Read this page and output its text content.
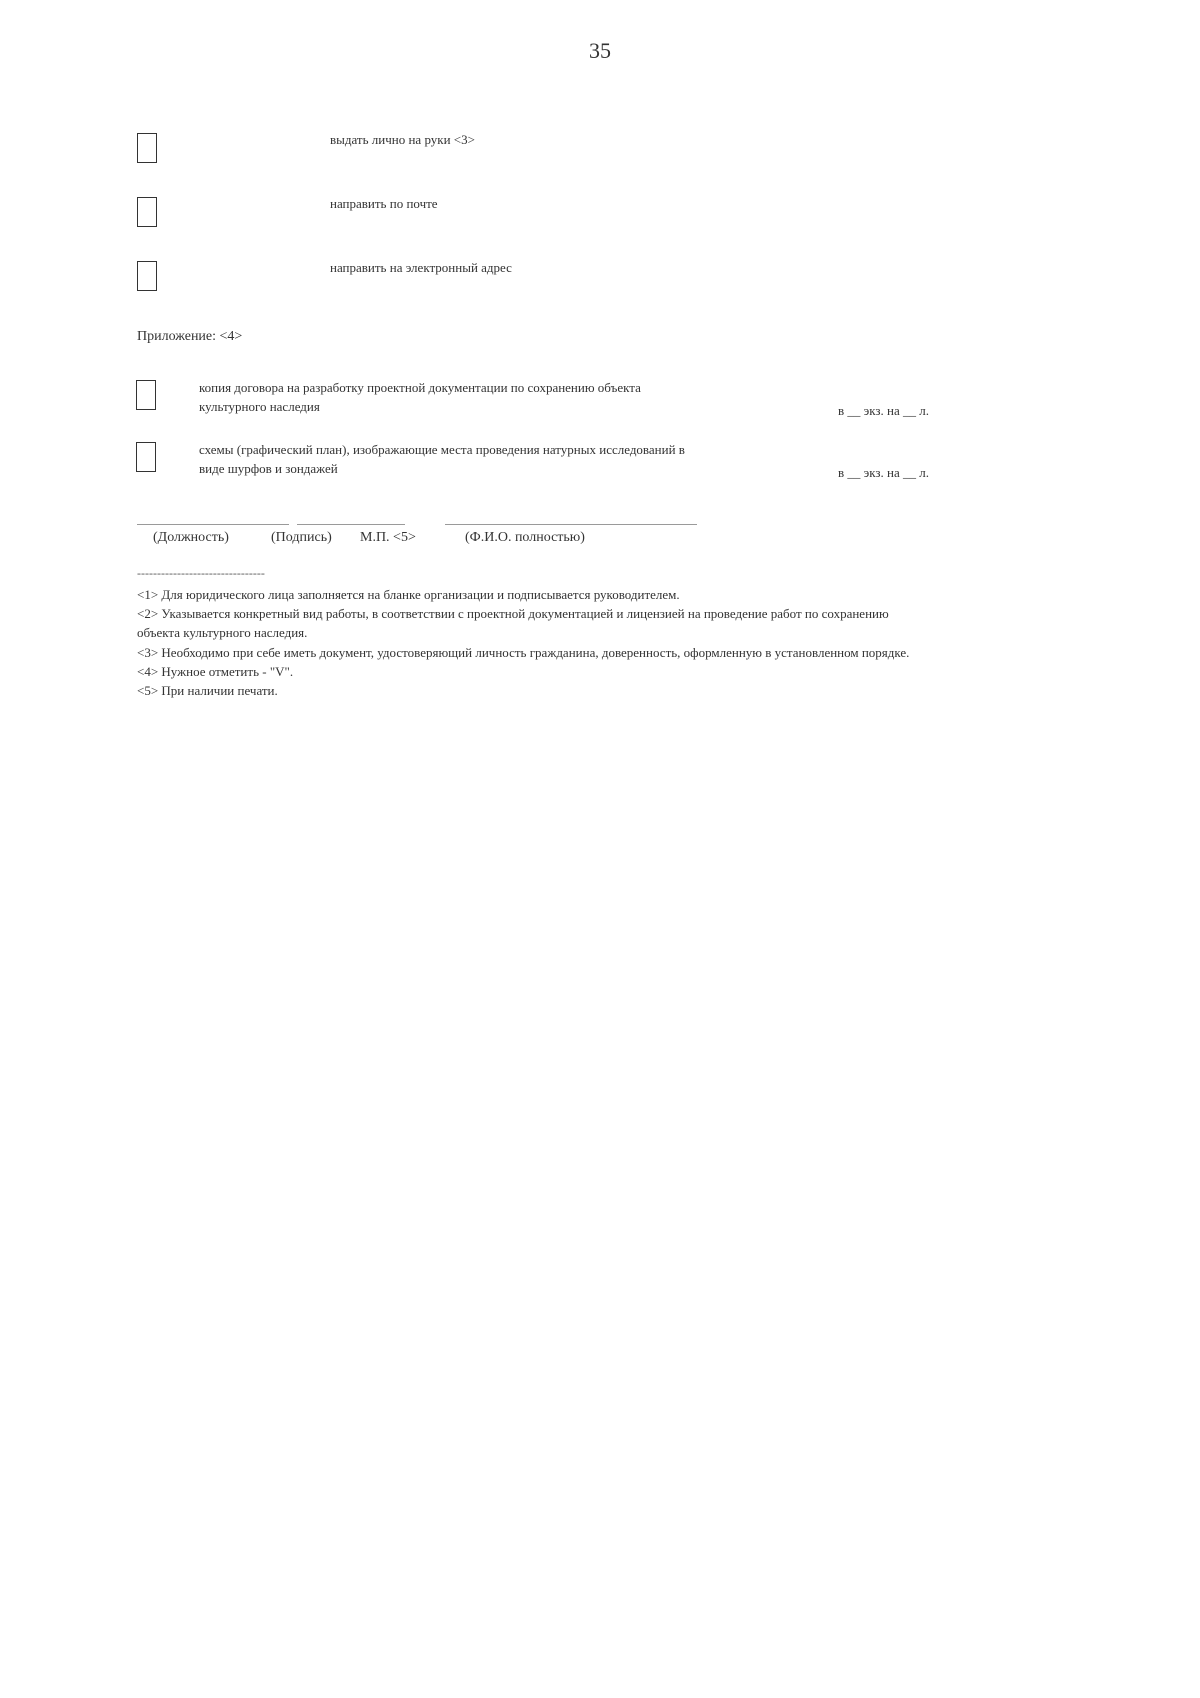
35
выдать лично на руки <3>
направить по почте
направить на электронный адрес
Приложение: <4>
копия договора на разработку проектной документации по сохранению объекта
культурного наследия	в __ экз. на __ л.
схемы (графический план), изображающие места проведения натурных исследований в
виде шурфов и зондажей	в __ экз. на __ л.
(Должность)	(Подпись) М.П. <5>	(Ф.И.О. полностью)
--------------------------------
<1> Для юридического лица заполняется на бланке организации и подписывается руководителем.
<2> Указывается конкретный вид работы, в соответствии с проектной документацией и лицензией на проведение работ по сохранению
объекта культурного наследия.
<3> Необходимо при себе иметь документ, удостоверяющий личность гражданина, доверенность, оформленную в установленном порядке.
<4> Нужное отметить - "V".
<5> При наличии печати.
